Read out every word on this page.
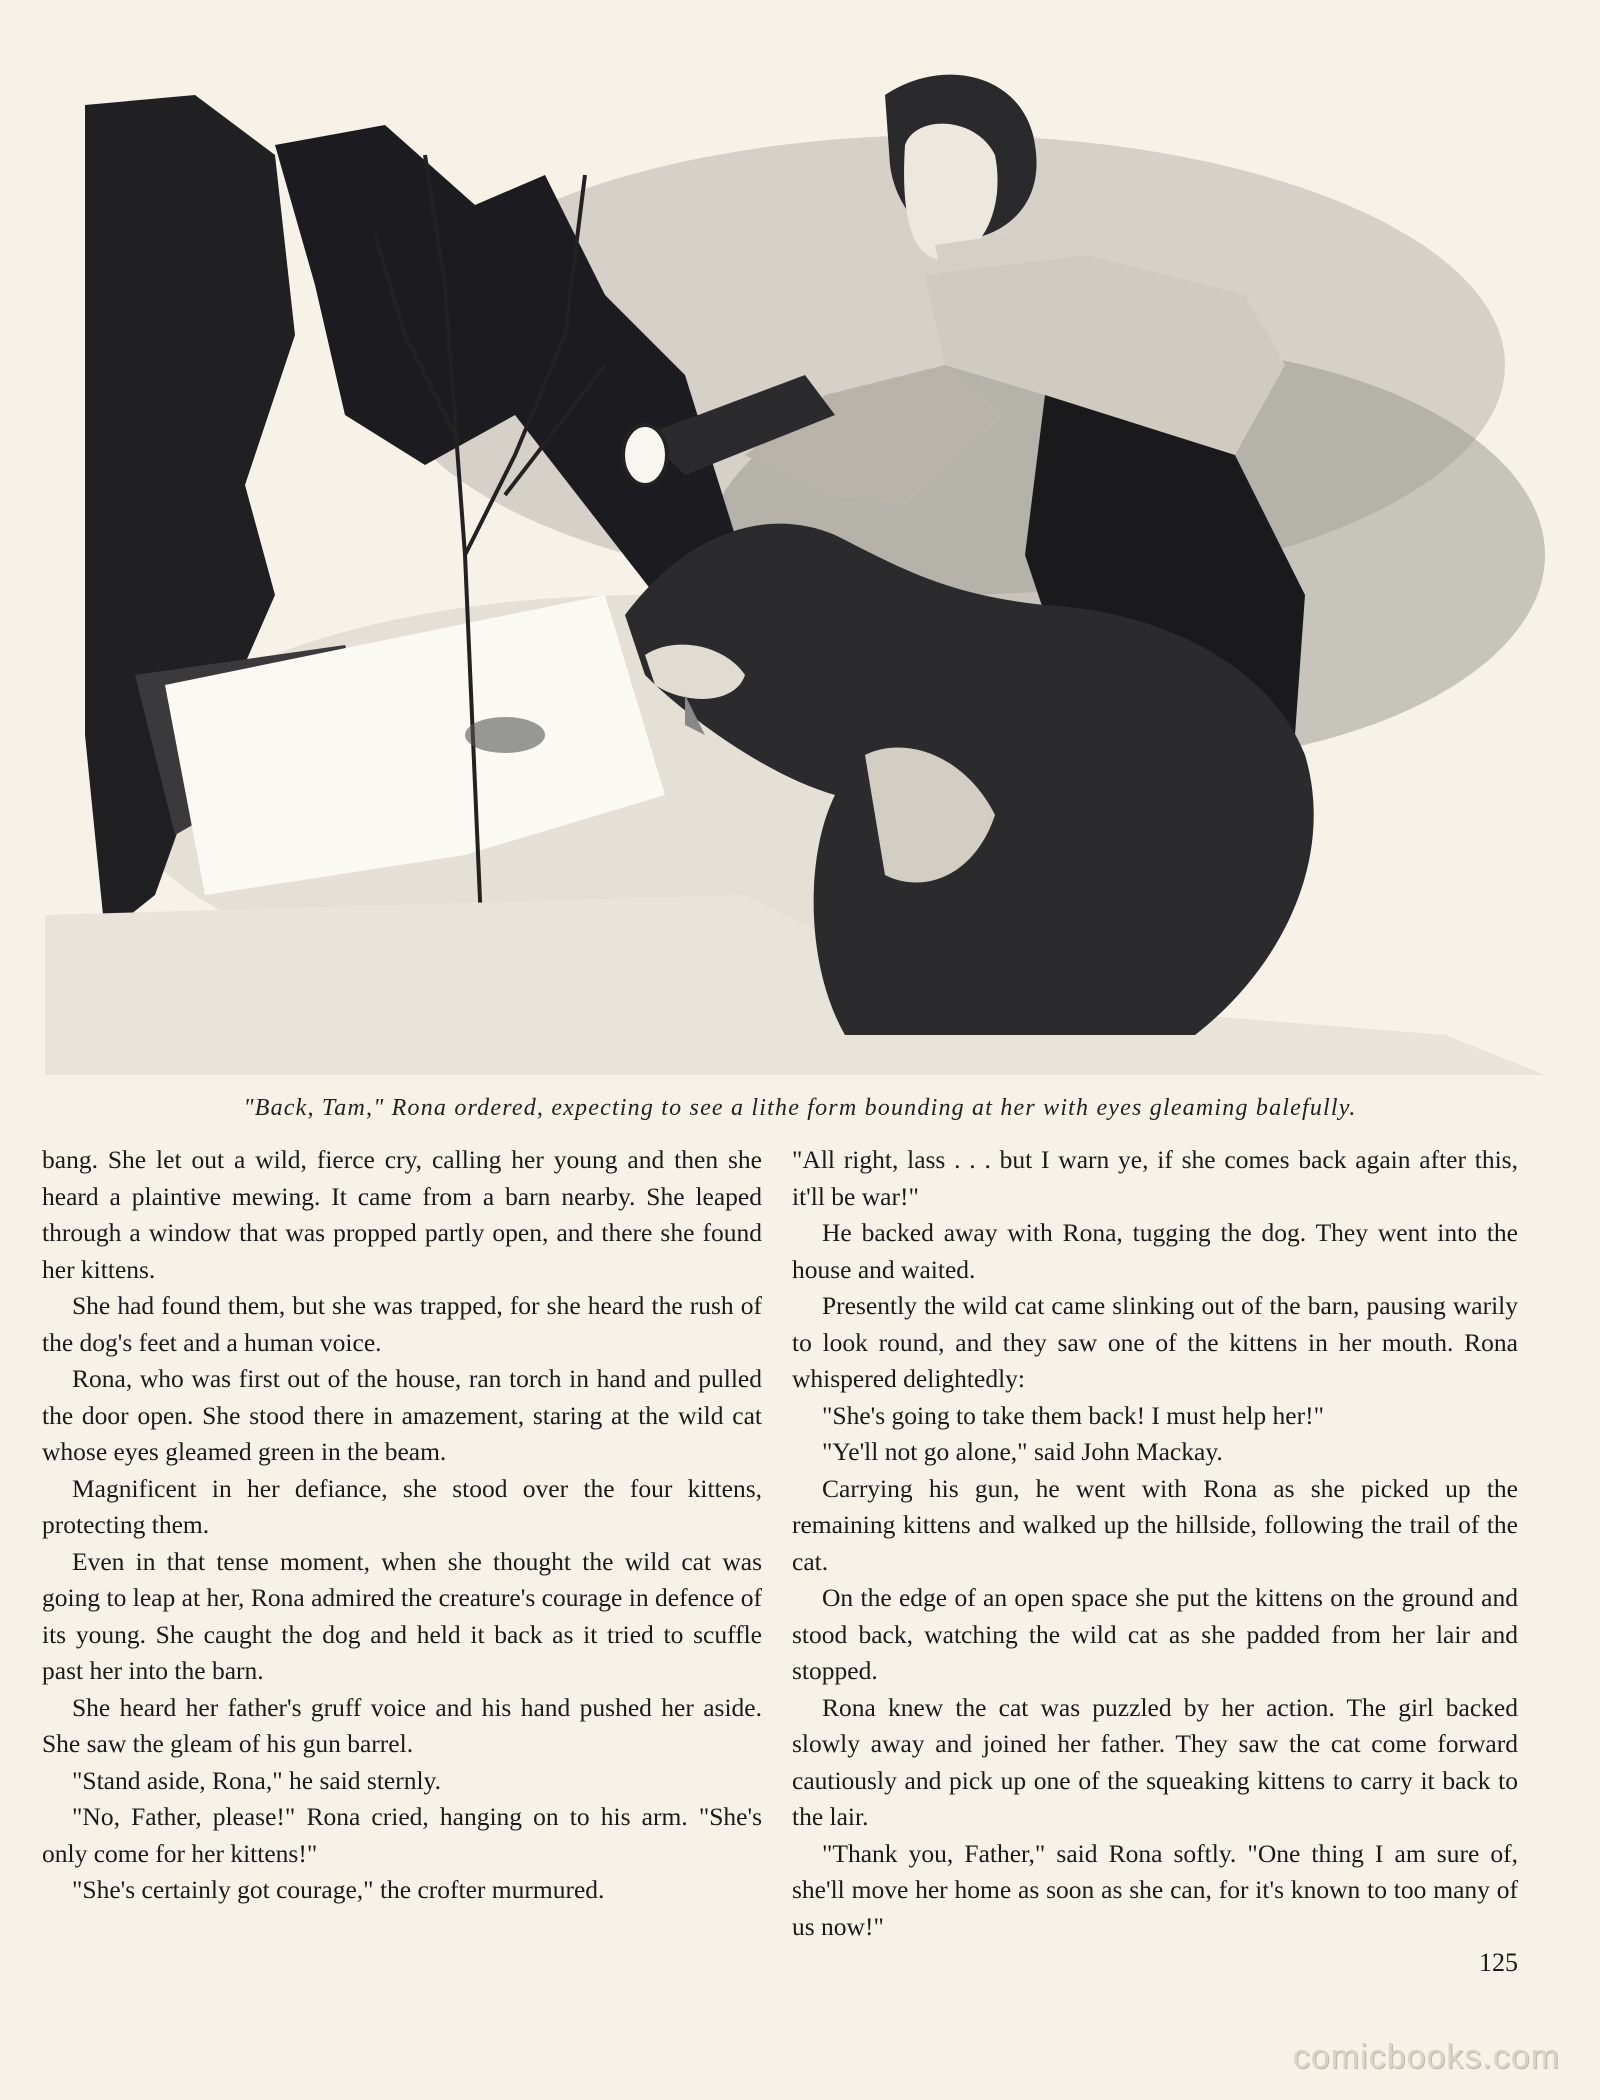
"Back, Tam," Rona ordered, expecting to see a lithe form bounding at her with eyes gleaming balefully.

bang. She let out a wild, fierce cry, calling her young and then she heard a plaintive mewing. It came from a barn nearby. She leaped through a window that was propped partly open, and there she found her kittens.

She had found them, but she was trapped, for she heard the rush of the dog's feet and a human voice.

Rona, who was first out of the house, ran torch in hand and pulled the door open. She stood there in amazement, staring at the wild cat whose eyes gleamed green in the beam.

Magnificent in her defiance, she stood over the four kittens, protecting them.

Even in that tense moment, when she thought the wild cat was going to leap at her, Rona admired the creature's courage in defence of its young. She caught the dog and held it back as it tried to scuffle past her into the barn.

She heard her father's gruff voice and his hand pushed her aside. She saw the gleam of his gun barrel.

"Stand aside, Rona," he said sternly.

"No, Father, please!" Rona cried, hanging on to his arm. "She's only come for her kittens!"

"She's certainly got courage," the crofter murmured.

"All right, lass . . . but I warn ye, if she comes back again after this, it'll be war!"

He backed away with Rona, tugging the dog. They went into the house and waited.

Presently the wild cat came slinking out of the barn, pausing warily to look round, and they saw one of the kittens in her mouth. Rona whispered delightedly:

"She's going to take them back! I must help her!"

"Ye'll not go alone," said John Mackay.

Carrying his gun, he went with Rona as she picked up the remaining kittens and walked up the hillside, following the trail of the cat.

On the edge of an open space she put the kittens on the ground and stood back, watching the wild cat as she padded from her lair and stopped.

Rona knew the cat was puzzled by her action. The girl backed slowly away and joined her father. They saw the cat come forward cautiously and pick up one of the squeaking kittens to carry it back to the lair.

"Thank you, Father," said Rona softly. "One thing I am sure of, she'll move her home as soon as she can, for it's known to too many of us now!"

125
comicbooks.com
